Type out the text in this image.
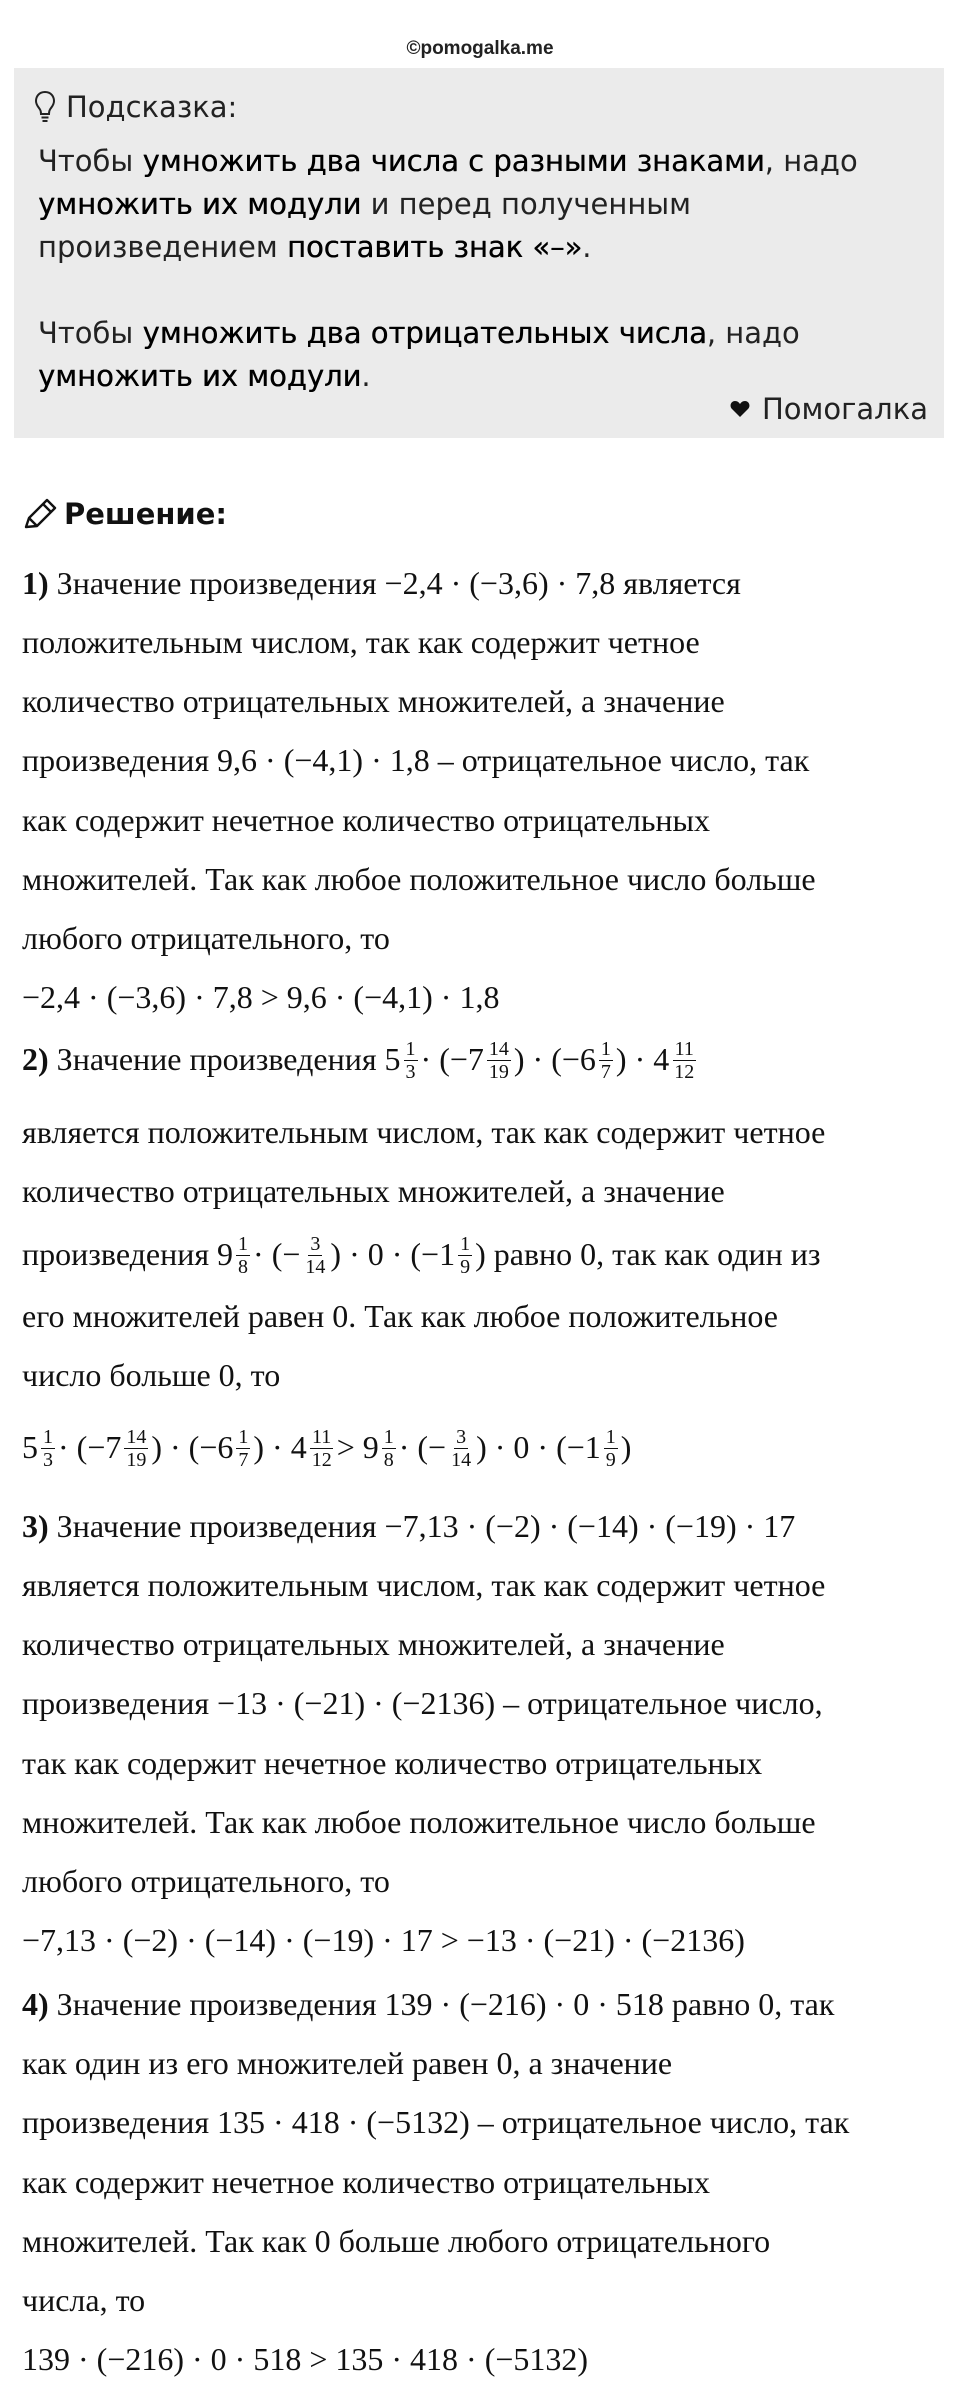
©pomogalka.me
Подсказка:
Чтобы умножить два числа с разными знаками, надо умножить их модули и перед полученным произведением поставить знак «–».
Чтобы умножить два отрицательных числа, надо умножить их модули.
Помогалка
Решение:
1) Значение произведения −2,4 · (−3,6) · 7,8 является
положительным числом, так как содержит четное
количество отрицательных множителей, а значение
произведения 9,6 · (−4,1) · 1,8 – отрицательное число, так
как содержит нечетное количество отрицательных
множителей. Так как любое положительное число больше
любого отрицательного, то
−2,4 · (−3,6) · 7,8 > 9,6 · (−4,1) · 1,8
2) Значение произведения $5 \frac{1}{3} \cdot (-7 \frac{14}{19}$ ) · ($-6 \frac{1}{7}$ ) · $4 \frac{11}{12}$
является положительным числом, так как содержит четное
количество отрицательных множителей, а значение
произведения $9 \frac{1}{8}$ · (− $\frac{3}{14}$ ) · $0 \cdot (-1 \frac{1}{9}$ ) равно 0, так как один из
его множителей равен 0. Так как любое положительное
число больше 0, то
$5 \frac{1}{3} \cdot (-7 \frac{14}{19}$ ) · ($-6 \frac{1}{7}$ ) · $4 \frac{11}{12} > 9 \frac{1}{8}$ · (− $\frac{3}{14}$ ) · $0 \cdot (-1 \frac{1}{9}$ )
3) Значение произведения −7,13 · (−2) · (−14) · (−19) · 17
является положительным числом, так как содержит четное
количество отрицательных множителей, а значение
произведения −13 · (−21) · (−2136) – отрицательное число,
так как содержит нечетное количество отрицательных
множителей. Так как любое положительное число больше
любого отрицательного, то
−7,13 · (−2) · (−14) · (−19) · 17 > −13 · (−21) · (−2136)
4) Значение произведения 139 · (−216) · 0 · 518 равно 0, так
как один из его множителей равен 0, а значение
произведения 135 · 418 · (−5132) – отрицательное число, так
как содержит нечетное количество отрицательных
множителей. Так как 0 больше любого отрицательного
числа, то
139 · (−216) · 0 · 518 > 135 · 418 · (−5132)
